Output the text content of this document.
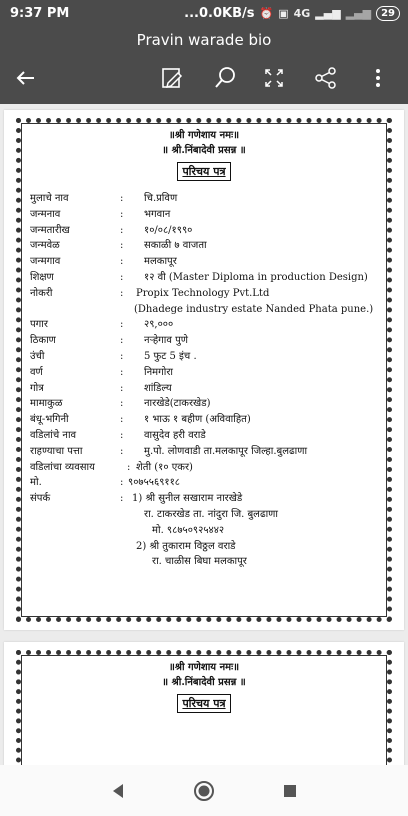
9:37 PM	...0.0KB/s ⏰ ▣ 4G ▂▄▆ ▂▄▆	29
Pravin warade bio
॥श्री गणेशाय नमः॥
॥ श्री.निंबादेवी प्रसन्न ॥
परिचय पत्र
मुलाचे नाव	: चि.प्रविण
जन्मनाव	: भगवान
जन्मतारीख	: १०/०८/१९९०
जन्मवेळ	: सकाळी ७ वाजता
जन्मगाव	: मलकापूर
शिक्षण	: १२ वी (Master Diploma in production Design)
नोकरी	: Propix Technology Pvt.Ltd
(Dhadege industry estate Nanded Phata pune.)
पगार	: २९,०००
ठिकाण	: नऱ्हेगाव पुणे
उंची	: 5 फुट 5 इंच .
वर्ण	: निमगोरा
गोत्र	: शांडिल्य
मामाकुळ	: नारखेडे(टाकरखेड)
बंधू-भगिनी	: १ भाऊ १ बहीण (अविवाहित)
वडिलांचे नाव	: वासुदेव हरी वराडे
राहण्याचा पत्ता	: मु.पो. लोणवाडी ता.मलकापूर जिल्हा.बुलढाणा
वडिलांचा व्यवसाय	: शेती (१० एकर)
मो.	: ९०७५५६९११८
संपर्क	: 1) श्री सुनील सखाराम नारखेडे
रा. टाकरखेड ता. नांदुरा जि. बुलढाणा
मो. ९८७५०९२५४४२
2) श्री तुकाराम विठ्ठल वराडे
रा. चाळीस बिघा मलकापूर
॥श्री गणेशाय नमः॥
॥ श्री.निंबादेवी प्रसन्न ॥
परिचय पत्र
